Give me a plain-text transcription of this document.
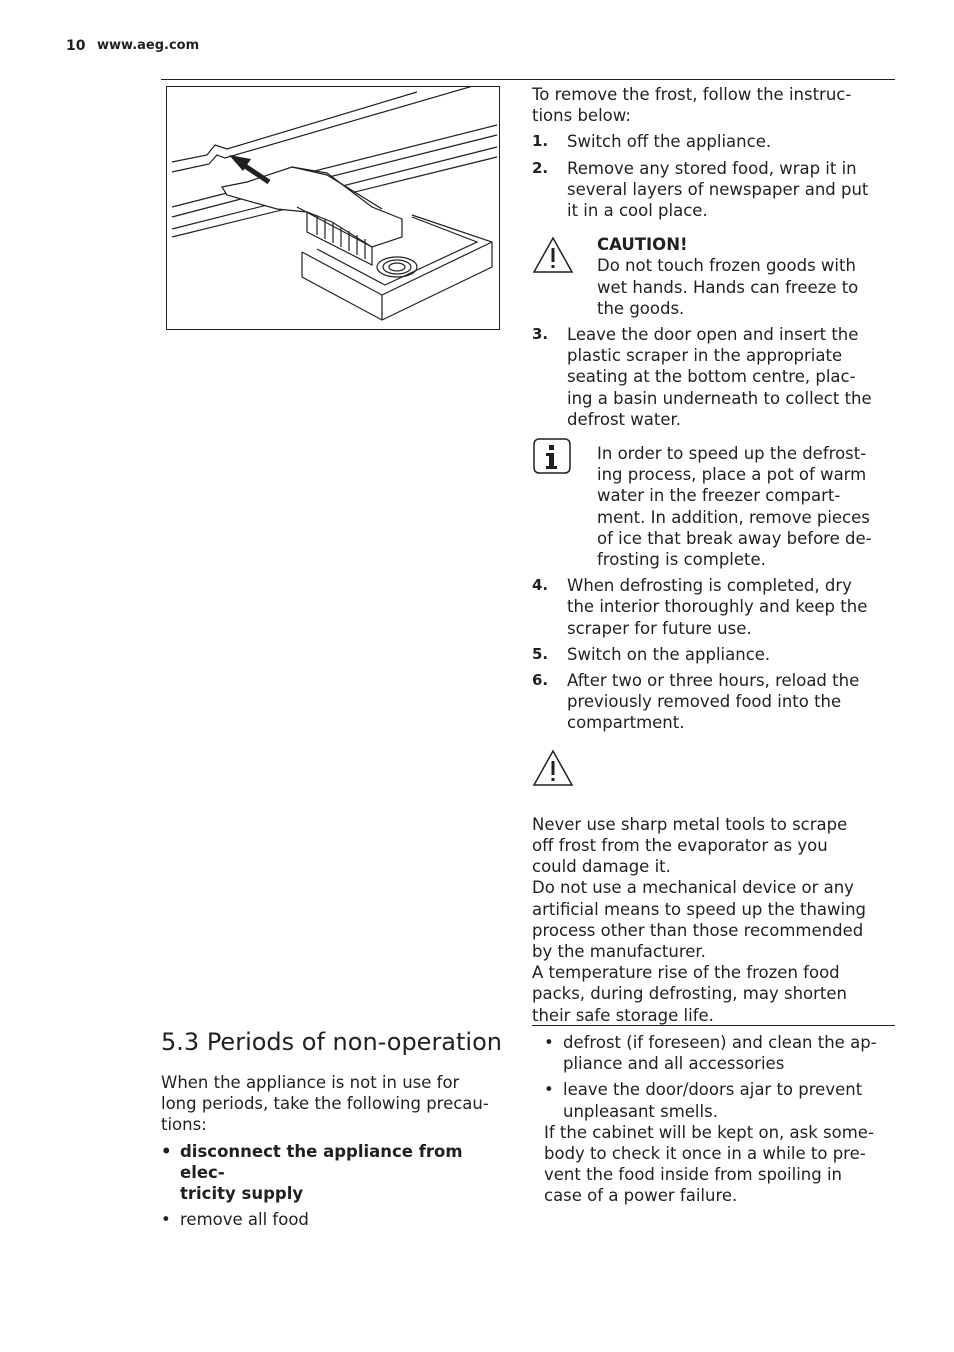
10 www.aeg.com

To remove the frost, follow the instruc-

tions below:

1. Switch off the appliance.

2. Remove any stored food, wrap it in

several layers of newspaper and put

it in a cool place.

CAUTION!

Do not touch frozen goods with

wet hands. Hands can freeze to

the goods.

3. Leave the door open and insert the

plastic scraper in the appropriate

seating at the bottom centre, plac-

ing a basin underneath to collect the

defrost water.

In order to speed up the defrost-

ing process, place a pot of warm

water in the freezer compart-

ment. In addition, remove pieces

of ice that break away before de-

frosting is complete.

4. When defrosting is completed, dry

the interior thoroughly and keep the

scraper for future use.

5. Switch on the appliance.

6. After two or three hours, reload the

previously removed food into the

compartment.

Never use sharp metal tools to scrape

off frost from the evaporator as you

could damage it.

Do not use a mechanical device or any

artificial means to speed up the thawing

process other than those recommended

by the manufacturer.

A temperature rise of the frozen food

packs, during defrosting, may shorten

their safe storage life.

5.3 Periods of non-operation

When the appliance is not in use for

long periods, take the following precau-

tions:

• disconnect the appliance from elec-

tricity supply

• remove all food

• defrost (if foreseen) and clean the ap-

pliance and all accessories

• leave the door/doors ajar to prevent

unpleasant smells.

If the cabinet will be kept on, ask some-

body to check it once in a while to pre-

vent the food inside from spoiling in

case of a power failure.
